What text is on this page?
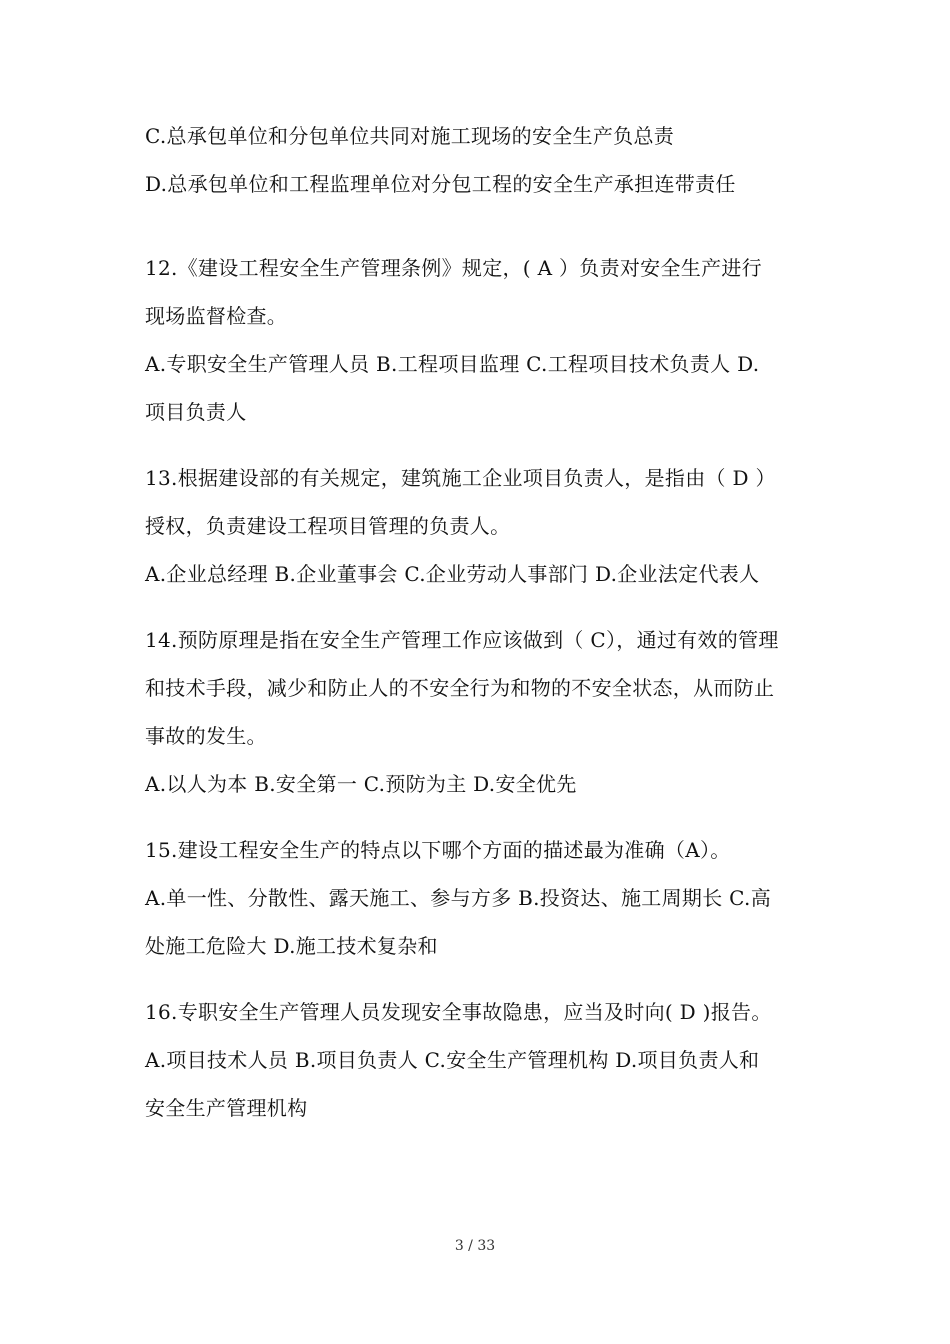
C.总承包单位和分包单位共同对施工现场的安全生产负总责
D.总承包单位和工程监理单位对分包工程的安全生产承担连带责任
12.《建设工程安全生产管理条例》规定，( A ）负责对安全生产进行
现场监督检查。
A.专职安全生产管理人员 B.工程项目监理 C.工程项目技术负责人 D.
项目负责人
13.根据建设部的有关规定，建筑施工企业项目负责人，是指由（ D ）
授权，负责建设工程项目管理的负责人。
A.企业总经理 B.企业董事会 C.企业劳动人事部门 D.企业法定代表人
14.预防原理是指在安全生产管理工作应该做到（ C），通过有效的管理
和技术手段，减少和防止人的不安全行为和物的不安全状态，从而防止
事故的发生。
A.以人为本 B.安全第一 C.预防为主 D.安全优先
15.建设工程安全生产的特点以下哪个方面的描述最为准确（A）。
A.单一性、分散性、露天施工、参与方多 B.投资达、施工周期长 C.高
处施工危险大 D.施工技术复杂和
16.专职安全生产管理人员发现安全事故隐患，应当及时向( D )报告。
A.项目技术人员 B.项目负责人 C.安全生产管理机构 D.项目负责人和
安全生产管理机构
3 / 33
